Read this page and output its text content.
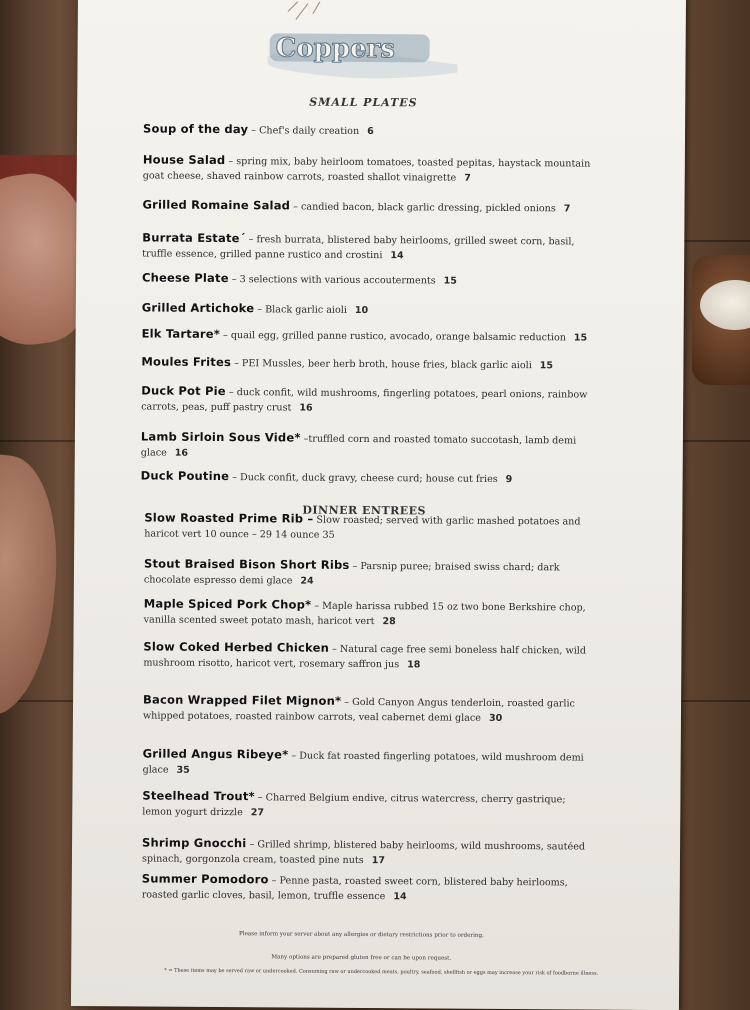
Coppers
SMALL PLATES
Soup of the day – Chef's daily creation 6
House Salad – spring mix, baby heirloom tomatoes, toasted pepitas, haystack mountain goat cheese, shaved rainbow carrots, roasted shallot vinaigrette 7
Grilled Romaine Salad – candied bacon, black garlic dressing, pickled onions 7
Burrata Estate´ – fresh burrata, blistered baby heirlooms, grilled sweet corn, basil, truffle essence, grilled panne rustico and crostini 14
Cheese Plate – 3 selections with various accouterments 15
Grilled Artichoke – Black garlic aioli 10
Elk Tartare* – quail egg, grilled panne rustico, avocado, orange balsamic reduction 15
Moules Frites – PEI Mussles, beer herb broth, house fries, black garlic aioli 15
Duck Pot Pie – duck confit, wild mushrooms, fingerling potatoes, pearl onions, rainbow carrots, peas, puff pastry crust 16
Lamb Sirloin Sous Vide* –truffled corn and roasted tomato succotash, lamb demi glace 16
Duck Poutine – Duck confit, duck gravy, cheese curd; house cut fries 9
DINNER ENTREES
Slow Roasted Prime Rib – Slow roasted; served with garlic mashed potatoes and haricot vert 10 ounce – 29 14 ounce 35
Stout Braised Bison Short Ribs – Parsnip puree; braised swiss chard; dark chocolate espresso demi glace 24
Maple Spiced Pork Chop* – Maple harissa rubbed 15 oz two bone Berkshire chop, vanilla scented sweet potato mash, haricot vert 28
Slow Coked Herbed Chicken – Natural cage free semi boneless half chicken, wild mushroom risotto, haricot vert, rosemary saffron jus 18
Bacon Wrapped Filet Mignon* – Gold Canyon Angus tenderloin, roasted garlic whipped potatoes, roasted rainbow carrots, veal cabernet demi glace 30
Grilled Angus Ribeye* – Duck fat roasted fingerling potatoes, wild mushroom demi glace 35
Steelhead Trout* – Charred Belgium endive, citrus watercress, cherry gastrique; lemon yogurt drizzle 27
Shrimp Gnocchi – Grilled shrimp, blistered baby heirlooms, wild mushrooms, sautéed spinach, gorgonzola cream, toasted pine nuts 17
Summer Pomodoro – Penne pasta, roasted sweet corn, blistered baby heirlooms, roasted garlic cloves, basil, lemon, truffle essence 14
Please inform your server about any allergies or dietary restrictions prior to ordering.
Many options are prepared gluten free or can be upon request.
* = These items may be served raw or undercooked. Consuming raw or undercooked meats, poultry, seafood, shellfish or eggs may increase your risk of foodborne illness.
